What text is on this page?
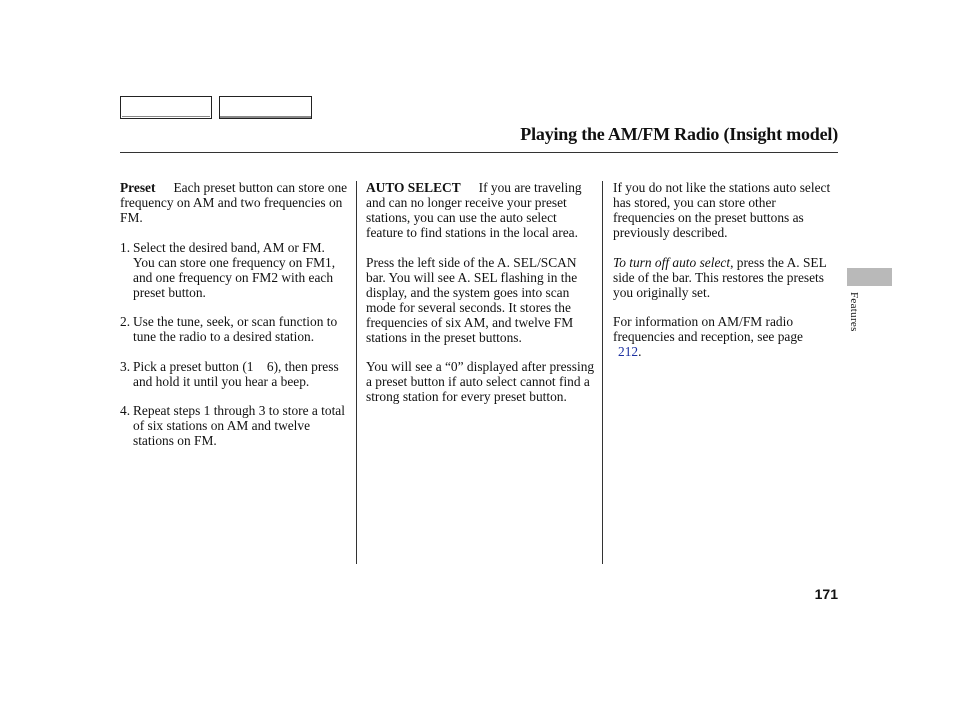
Playing the AM/FM Radio (Insight model)

Preset Each preset button can store one frequency on AM and two frequencies on FM.

1. Select the desired band, AM or FM. You can store one frequency on FM1, and one frequency on FM2 with each preset button.
2. Use the tune, seek, or scan function to tune the radio to a desired station.
3. Pick a preset button (1    6), then press and hold it until you hear a beep.
4. Repeat steps 1 through 3 to store a total of six stations on AM and twelve stations on FM.

AUTO SELECT If you are traveling and can no longer receive your preset stations, you can use the auto select feature to find stations in the local area.

Press the left side of the A. SEL/SCAN bar. You will see A. SEL flashing in the display, and the system goes into scan mode for several seconds. It stores the frequencies of six AM, and twelve FM stations in the preset buttons.

You will see a “0” displayed after pressing a preset button if auto select cannot find a strong station for every preset button.

If you do not like the stations auto select has stored, you can store other frequencies on the preset buttons as previously described.

To turn off auto select, press the A. SEL side of the bar. This restores the presets you originally set.

For information on AM/FM radio frequencies and reception, see page
212.

Features
171
